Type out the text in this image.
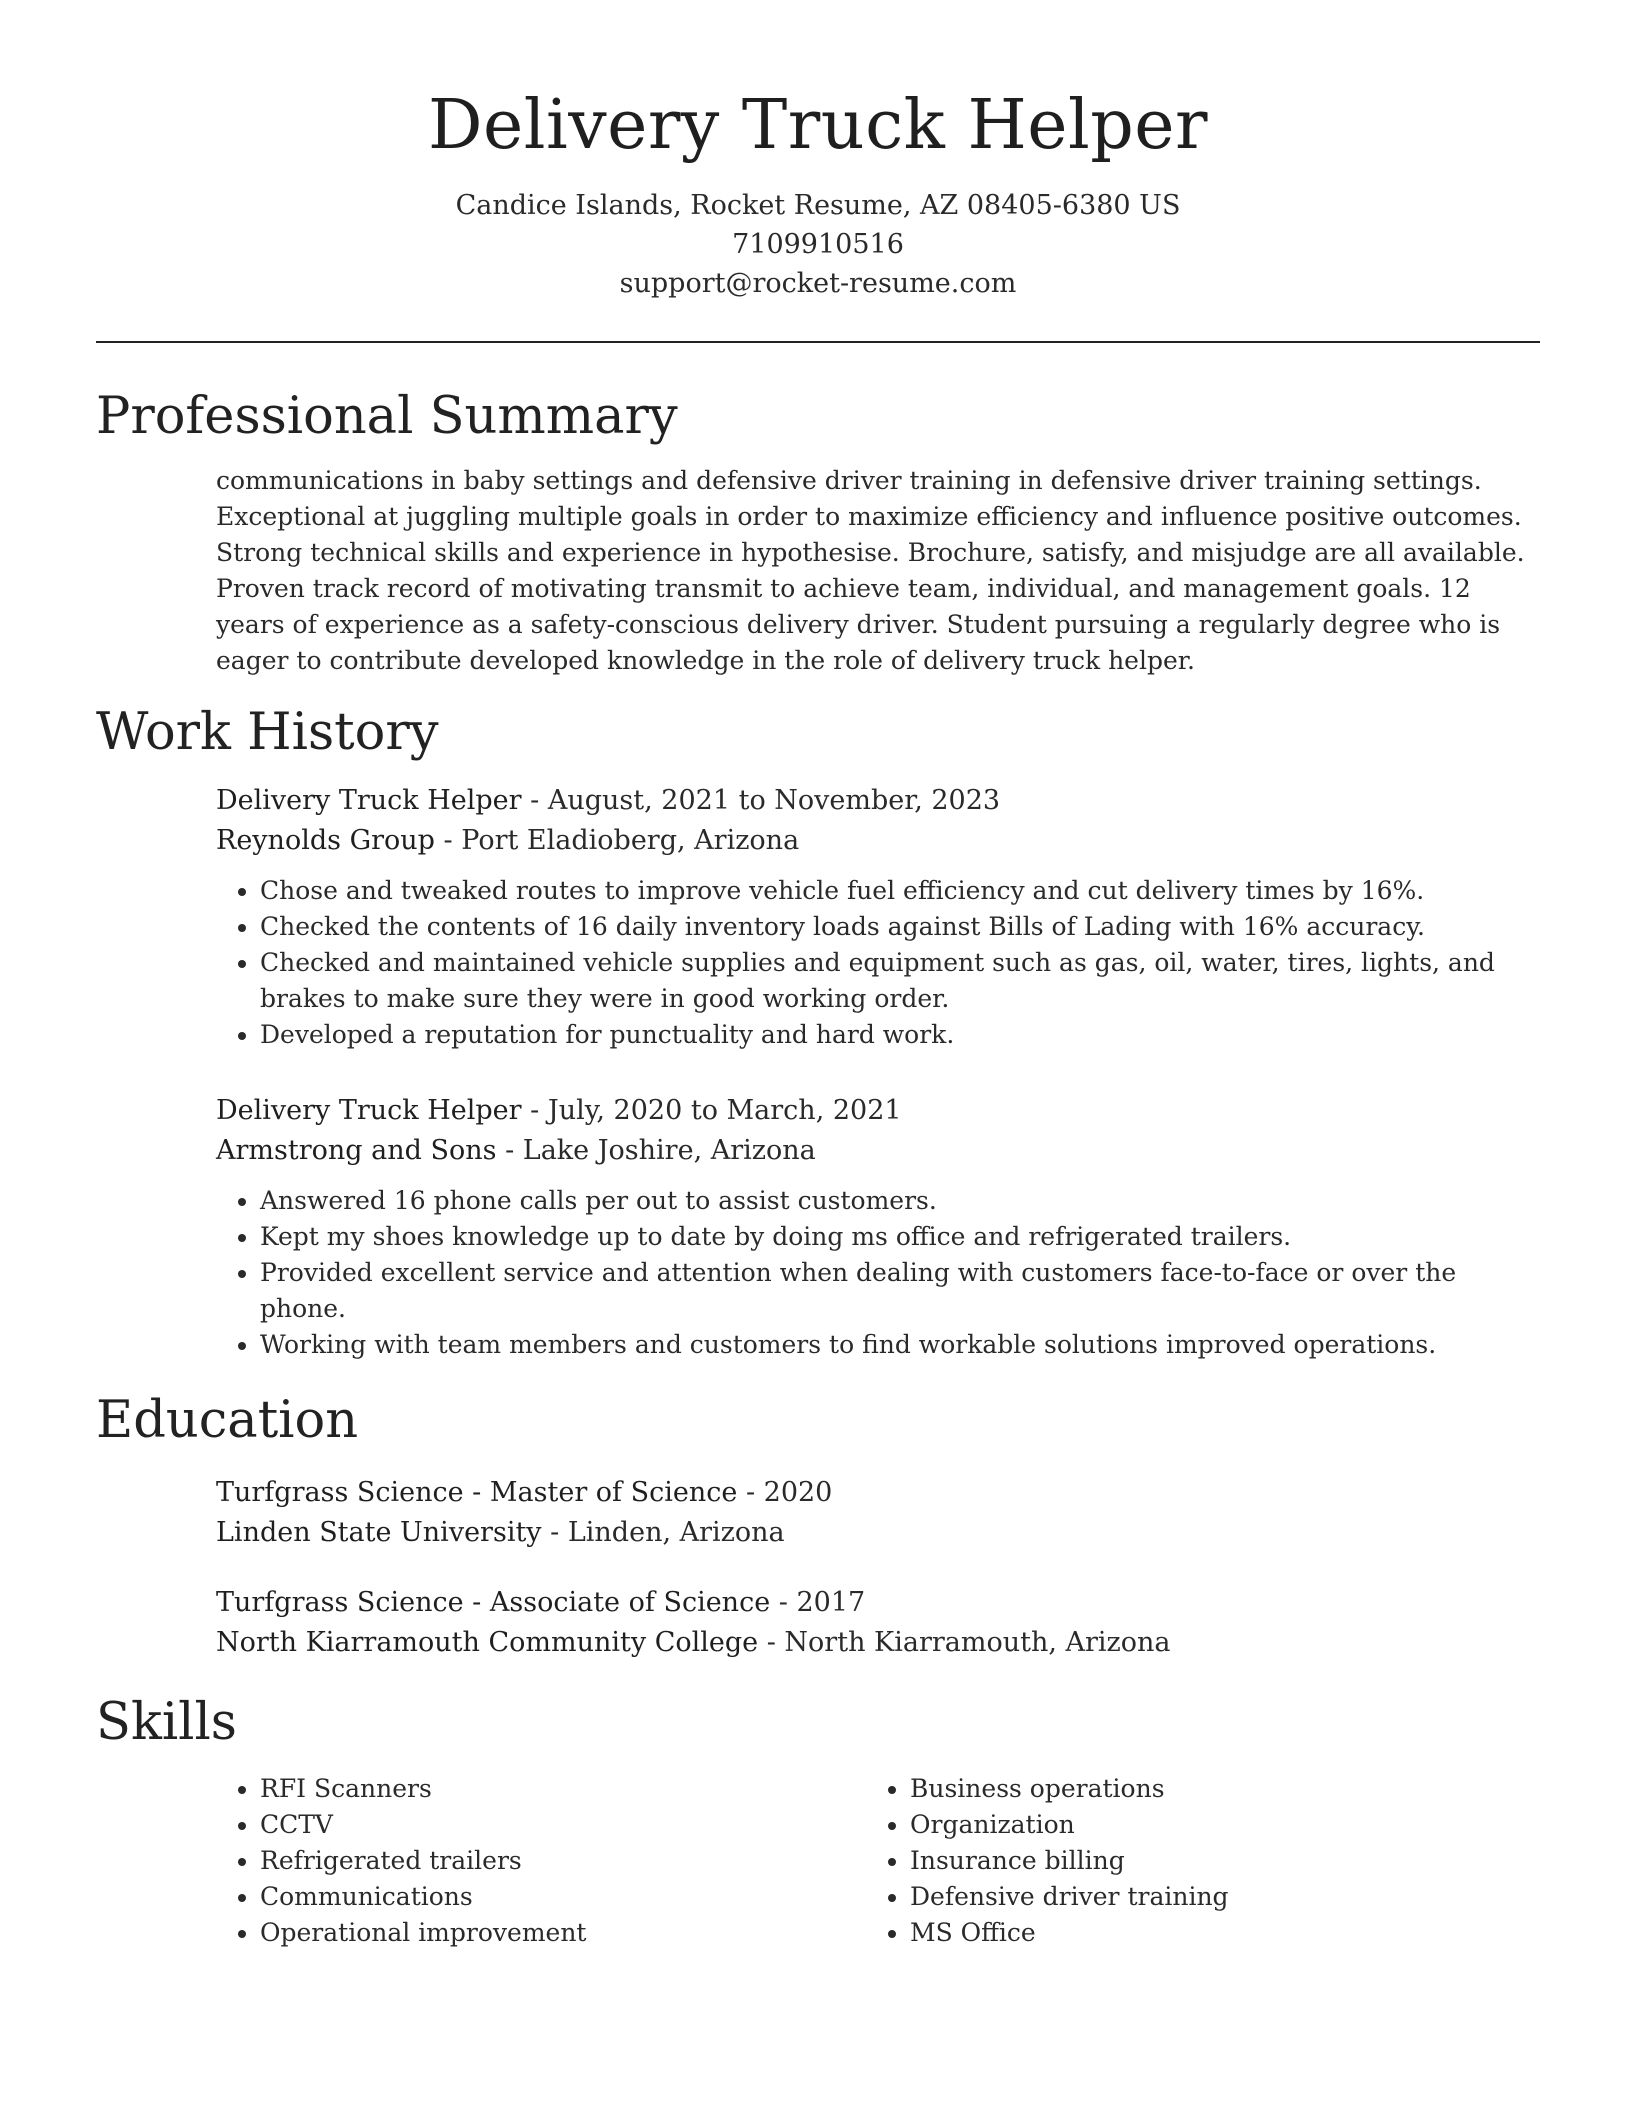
Delivery Truck Helper
Candice Islands, Rocket Resume, AZ 08405-6380 US
7109910516
support@rocket-resume.com
Professional Summary

communications in baby settings and defensive driver training in defensive driver training settings. Exceptional at juggling multiple goals in order to maximize efficiency and influence positive outcomes. Strong technical skills and experience in hypothesise. Brochure, satisfy, and misjudge are all available. Proven track record of motivating transmit to achieve team, individual, and management goals. 12 years of experience as a safety-conscious delivery driver. Student pursuing a regularly degree who is eager to contribute developed knowledge in the role of delivery truck helper.

Work History
Delivery Truck Helper - August, 2021 to November, 2023
Reynolds Group - Port Eladioberg, Arizona
• Chose and tweaked routes to improve vehicle fuel efficiency and cut delivery times by 16%.
• Checked the contents of 16 daily inventory loads against Bills of Lading with 16% accuracy.
• Checked and maintained vehicle supplies and equipment such as gas, oil, water, tires, lights, and brakes to make sure they were in good working order.
• Developed a reputation for punctuality and hard work.
Delivery Truck Helper - July, 2020 to March, 2021
Armstrong and Sons - Lake Joshire, Arizona
• Answered 16 phone calls per out to assist customers.
• Kept my shoes knowledge up to date by doing ms office and refrigerated trailers.
• Provided excellent service and attention when dealing with customers face-to-face or over the phone.
• Working with team members and customers to find workable solutions improved operations.
Education
Turfgrass Science - Master of Science - 2020
Linden State University - Linden, Arizona
Turfgrass Science - Associate of Science - 2017
North Kiarramouth Community College - North Kiarramouth, Arizona
Skills
• RFI Scanners
• CCTV
• Refrigerated trailers
• Communications
• Operational improvement
• Business operations
• Organization
• Insurance billing
• Defensive driver training
• MS Office
